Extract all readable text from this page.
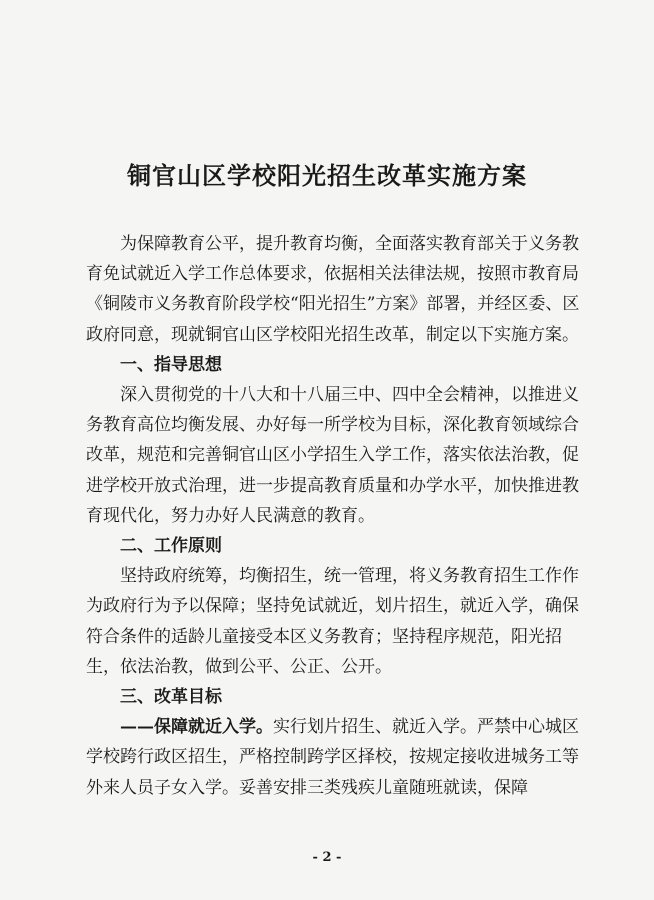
铜官山区学校阳光招生改革实施方案

为保障教育公平，提升教育均衡，全面落实教育部关于义务教育免试就近入学工作总体要求，依据相关法律法规，按照市教育局《铜陵市义务教育阶段学校“阳光招生”方案》部署，并经区委、区政府同意，现就铜官山区学校阳光招生改革，制定以下实施方案。

一、指导思想

深入贯彻党的十八大和十八届三中、四中全会精神，以推进义务教育高位均衡发展、办好每一所学校为目标，深化教育领域综合改革，规范和完善铜官山区小学招生入学工作，落实依法治教，促进学校开放式治理，进一步提高教育质量和办学水平，加快推进教育现代化，努力办好人民满意的教育。

二、工作原则

坚持政府统筹，均衡招生，统一管理，将义务教育招生工作作为政府行为予以保障；坚持免试就近，划片招生，就近入学，确保符合条件的适龄儿童接受本区义务教育；坚持程序规范，阳光招生，依法治教，做到公平、公正、公开。

三、改革目标

——保障就近入学。实行划片招生、就近入学。严禁中心城区学校跨行政区招生，严格控制跨学区择校，按规定接收进城务工等外来人员子女入学。妥善安排三类残疾儿童随班就读，保障

- 2 -
